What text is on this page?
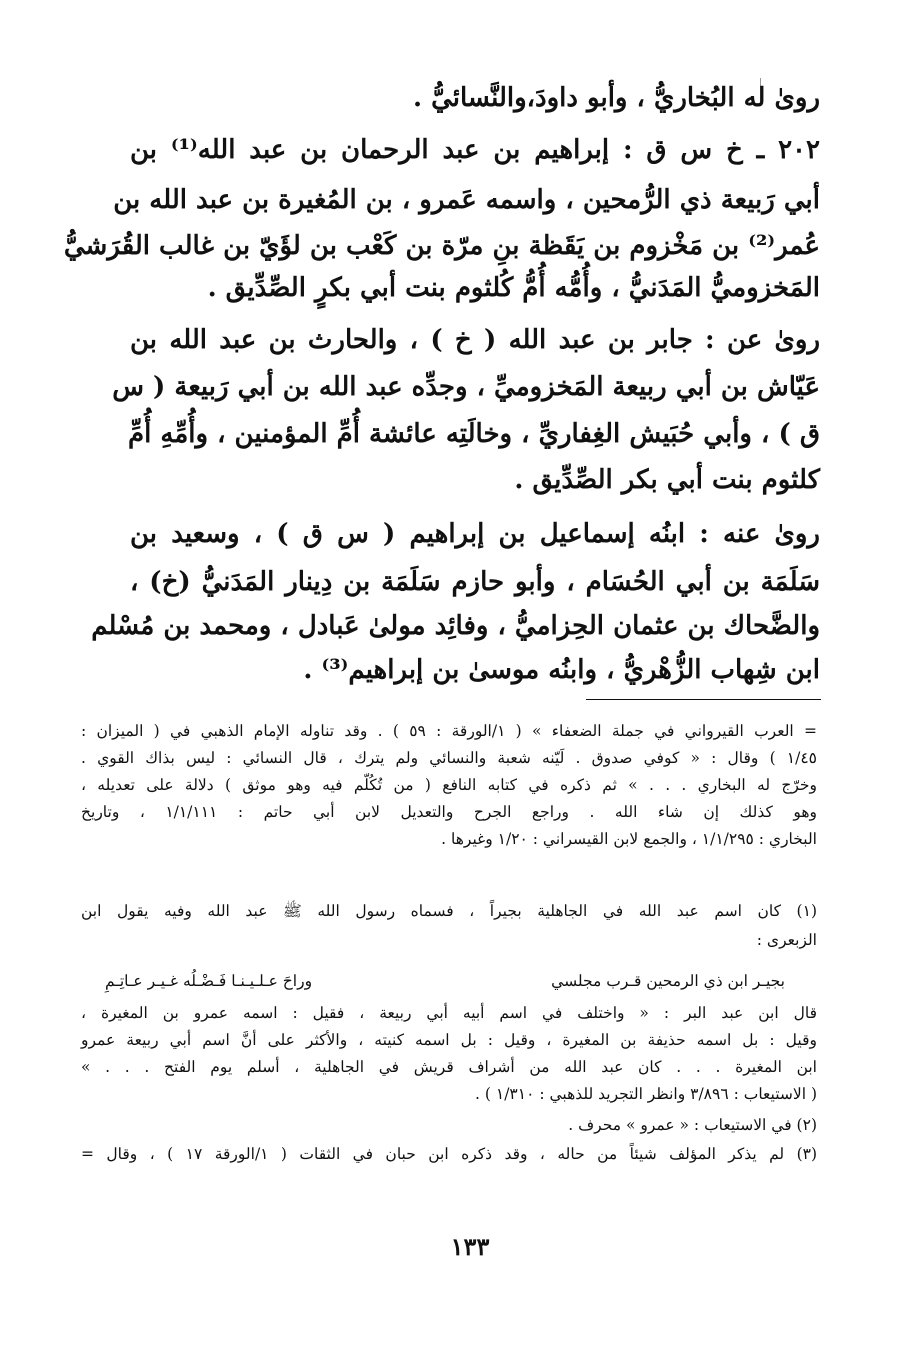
رویٰ له البُخاريُّ ، وأبو داودَ،والنَّسائيُّ .
٢٠٢ ـ خ س ق : إبراهيم بن عبد الرحمان بن عبد الله⁽¹⁾ بن
أبي رَبيعة ذي الرُّمحين ، واسمه عَمرو ، بن المُغيرة بن عبد الله بن
عُمر⁽²⁾ بن مَخْزوم بن يَقَظة بنِ مرّة بن كَعْب بن لؤَيّ بن غالب القُرَشيُّ
المَخزوميُّ المَدَنيُّ ، وأُمُّه أُمُّ كُلثوم بنت أبي بكرٍ الصِّدِّيق .
رویٰ عن : جابر بن عبد الله ( خ ) ، والحارث بن عبد الله بن
عَيّاش بن أبي ربيعة المَخزوميِّ ، وجدِّه عبد الله بن أبي رَبيعة ( س
ق ) ، وأبي حُبَيش الغِفاريِّ ، وخالَتِه عائشة أُمِّ المؤمنين ، وأُمِّهِ أُمِّ
كلثوم بنت أبي بكر الصِّدِّيق .
رویٰ عنه : ابنُه إسماعيل بن إبراهيم ( س ق ) ، وسعيد بن
سَلَمَة بن أبي الحُسَام ، وأبو حازم سَلَمَة بن دِينار المَدَنيُّ (خ) ،
والضَّحاك بن عثمان الحِزاميُّ ، وفائِد مولیٰ عَبادل ، ومحمد بن مُسْلم
ابن شِهاب الزُّهْريُّ ، وابنُه موسیٰ بن إبراهيم⁽³⁾ .
= العرب القيرواني في جملة الضعفاء » ( ١/الورقة : ٥٩ ) . وقد تناوله الإمام الذهبي في ( الميزان :
١/٤٥ ) وقال : « كوفي صدوق . لَيّنه شعبة والنسائي ولم يترك ، قال النسائي : ليس بذاك القوي .
وخرّج له البخاري . . . » ثم ذكره في كتابه النافع ( من تُكُلّم فيه وهو موثق ) دلالة على تعديله ،
وهو كذلك إن شاء الله . وراجع الجرح والتعديل لابن أبي حاتم : ١/١/١١١ ، وتاريخ
البخاري : ١/١/٢٩٥ ، والجمع لابن القيسراني : ١/٢٠ وغيرها .
(١) كان اسم عبد الله في الجاهلية بجيراً ، فسماه رسول الله ﷺ عبد الله وفيه يقول ابن
الزبعرى :
قال ابن عبد البر : « واختلف في اسم أبيه أبي ربيعة ، فقيل : اسمه عمرو بن المغيرة ،
وقيل : بل اسمه حذيفة بن المغيرة ، وقيل : بل اسمه كنيته ، والأكثر على أنَّ اسم أبي ربيعة عمرو
ابن المغيرة . . . كان عبد الله من أشراف قريش في الجاهلية ، أسلم يوم الفتح . . . »
( الاستيعاب : ٣/٨٩٦ وانظر التجريد للذهبي : ١/٣١٠ ) .
(٢) في الاستيعاب : « عمرو » محرف .
(٣) لم يذكر المؤلف شيئاً من حاله ، وقد ذكره ابن حبان في الثقات ( ١/الورقة ١٧ ) ، وقال =
بجيـر ابن ذي الرمحين قـرب مجلسي
وراحَ عـلـيـنـا فَـضْـلُه غـيـر عـاتِـمِ
١٣٣
